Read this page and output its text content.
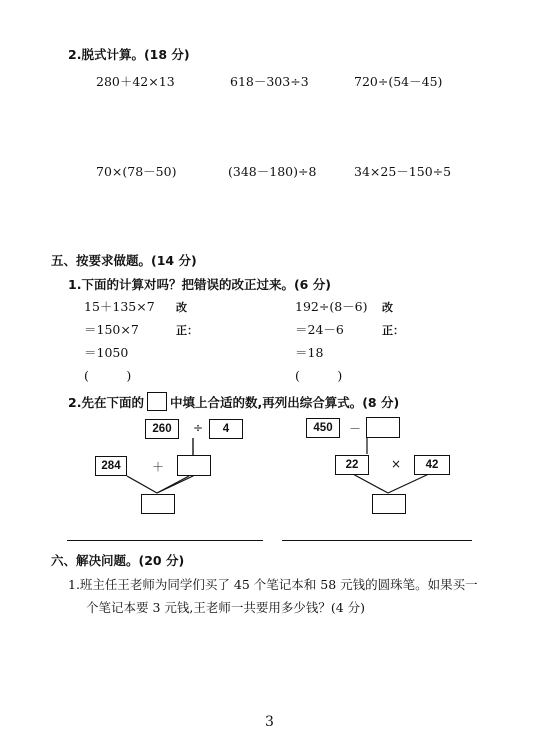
2.脱式计算。(18 分)
280＋42×13	618－303÷3	720÷(54－45)
70×(78－50)	(348－180)÷8	34×25－150÷5
五、按要求做题。(14 分)
1.下面的计算对吗？把错误的改正过来。(6 分)
15＋135×7 改
＝150×7	正：
＝1050
(　　　)
192÷(8－6) 改
＝24－6	正：
＝18
(　　　)
2.先在下面的 中填上合适的数,再列出综合算式。(8 分)
260	÷	4
284	＋
450	－
22	×	42
六、解决问题。(20 分)
1.班主任王老师为同学们买了 45 个笔记本和 58 元钱的圆珠笔。如果买一
个笔记本要 3 元钱,王老师一共要用多少钱？(4 分)
3
